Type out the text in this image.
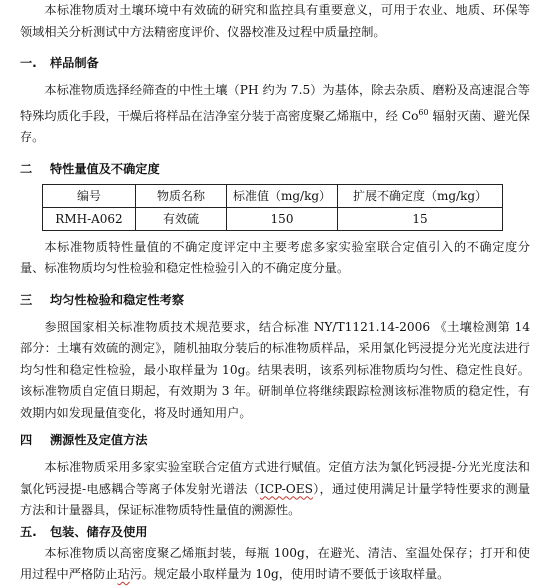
本标准物质对土壤环境中有效硫的研究和监控具有重要意义，可用于农业、地质、环保等领域相关分析测试中方法精密度评价、仪器校准及过程中质量控制。

一. 样品制备

本标准物质选择经筛查的中性土壤（PH 约为 7.5）为基体，除去杂质、磨粉及高速混合等特殊均质化手段，干燥后将样品在洁净室分装于高密度聚乙烯瓶中，经 Co$^{60}$ 辐射灭菌、避光保存。

二 特性量值及不确定度
编号	物质名称	标准值（mg/kg）	扩展不确定度（mg/kg）
RMH-A062	有效硫	150	15

本标准物质特性量值的不确定度评定中主要考虑多家实验室联合定值引入的不确定度分量、标准物质均匀性检验和稳定性检验引入的不确定度分量。

三 均匀性检验和稳定性考察

参照国家相关标准物质技术规范要求，结合标准 NY/T1121.14-2006 《土壤检测第 14 部分：土壤有效硫的测定》，随机抽取分装后的标准物质样品，采用氯化钙浸提分光光度法进行均匀性和稳定性检验，最小取样量为 10g。结果表明，该系列标准物质均匀性、稳定性良好。该标准物质自定值日期起，有效期为 3 年。研制单位将继续跟踪检测该标准物质的稳定性，有效期内如发现量值变化，将及时通知用户。

四 溯源性及定值方法

本标准物质采用多家实验室联合定值方式进行赋值。定值方法为氯化钙浸提-分光光度法和氯化钙浸提-电感耦合等离子体发射光谱法（ICP-OES），通过使用满足计量学特性要求的测量方法和计量器具，保证标准物质特性量值的溯源性。

五. 包装、储存及使用

本标准物质以高密度聚乙烯瓶封装，每瓶 100g，在避光、清洁、室温处保存；打开和使用过程中严格防止玷污。规定最小取样量为 10g，使用时请不要低于该取样量。
